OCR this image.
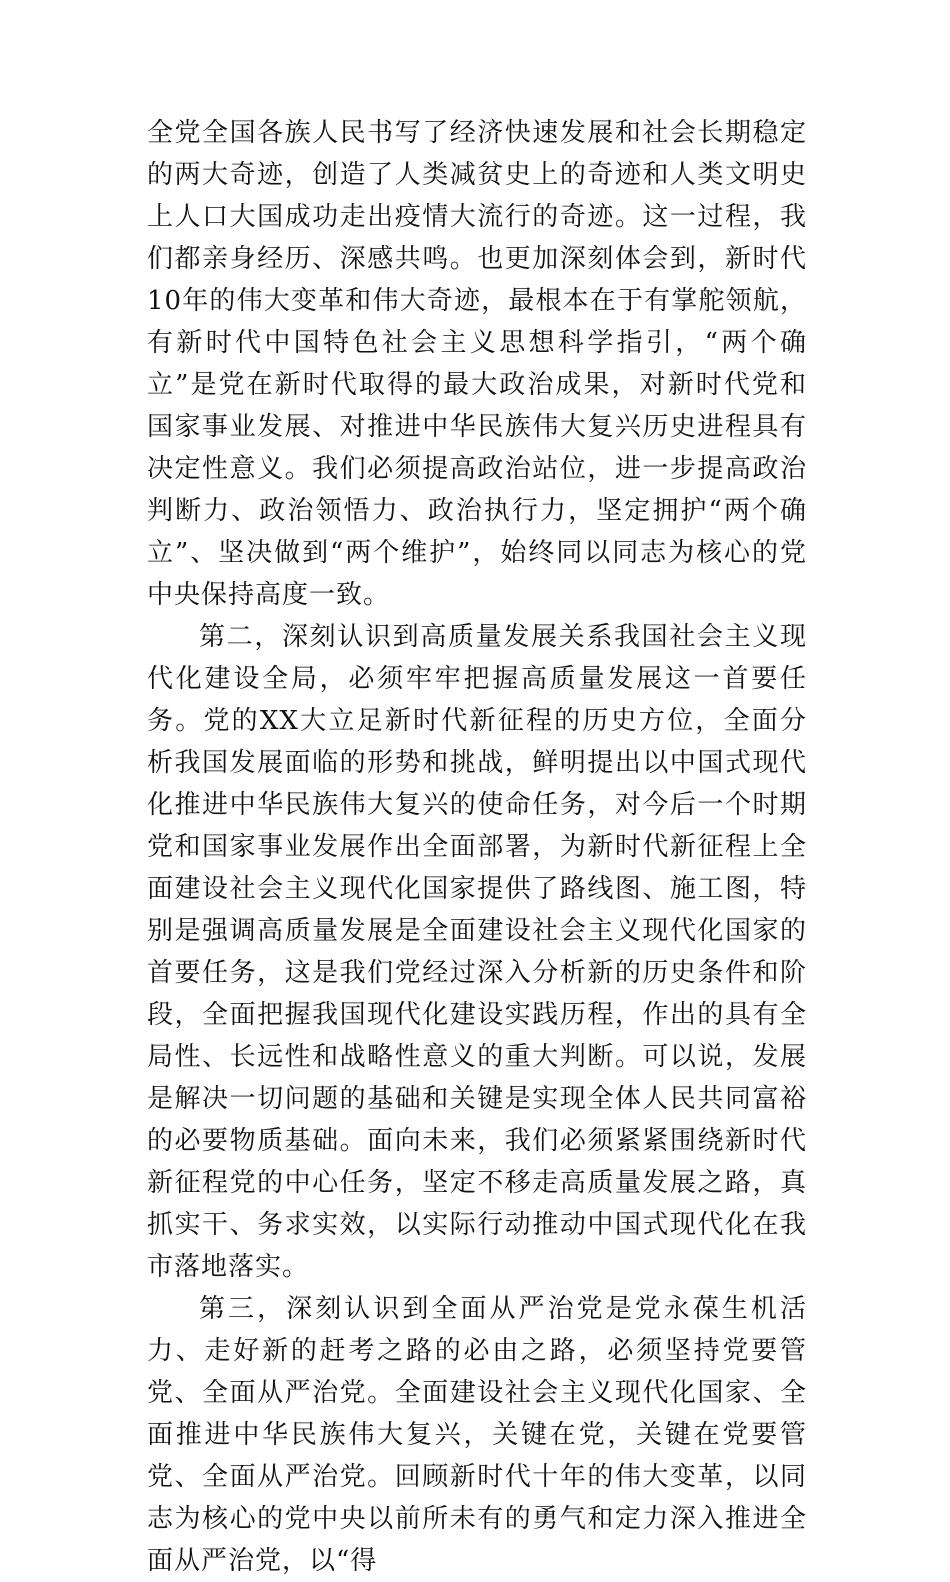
全党全国各族人民书写了经济快速发展和社会长期稳定的两大奇迹，创造了人类减贫史上的奇迹和人类文明史上人口大国成功走出疫情大流行的奇迹。这一过程，我们都亲身经历、深感共鸣。也更加深刻体会到，新时代10年的伟大变革和伟大奇迹，最根本在于有掌舵领航，有新时代中国特色社会主义思想科学指引，“两个确立”是党在新时代取得的最大政治成果，对新时代党和国家事业发展、对推进中华民族伟大复兴历史进程具有决定性意义。我们必须提高政治站位，进一步提高政治判断力、政治领悟力、政治执行力，坚定拥护“两个确立”、坚决做到“两个维护”，始终同以同志为核心的党中央保持高度一致。

第二，深刻认识到高质量发展关系我国社会主义现代化建设全局，必须牢牢把握高质量发展这一首要任务。党的XX大立足新时代新征程的历史方位，全面分析我国发展面临的形势和挑战，鲜明提出以中国式现代化推进中华民族伟大复兴的使命任务，对今后一个时期党和国家事业发展作出全面部署，为新时代新征程上全面建设社会主义现代化国家提供了路线图、施工图，特别是强调高质量发展是全面建设社会主义现代化国家的首要任务，这是我们党经过深入分析新的历史条件和阶段，全面把握我国现代化建设实践历程，作出的具有全局性、长远性和战略性意义的重大判断。可以说，发展是解决一切问题的基础和关键是实现全体人民共同富裕的必要物质基础。面向未来，我们必须紧紧围绕新时代新征程党的中心任务，坚定不移走高质量发展之路，真抓实干、务求实效，以实际行动推动中国式现代化在我市落地落实。

第三，深刻认识到全面从严治党是党永葆生机活力、走好新的赶考之路的必由之路，必须坚持党要管党、全面从严治党。全面建设社会主义现代化国家、全面推进中华民族伟大复兴，关键在党，关键在党要管党、全面从严治党。回顾新时代十年的伟大变革，以同志为核心的党中央以前所未有的勇气和定力深入推进全面从严治党，以“得
